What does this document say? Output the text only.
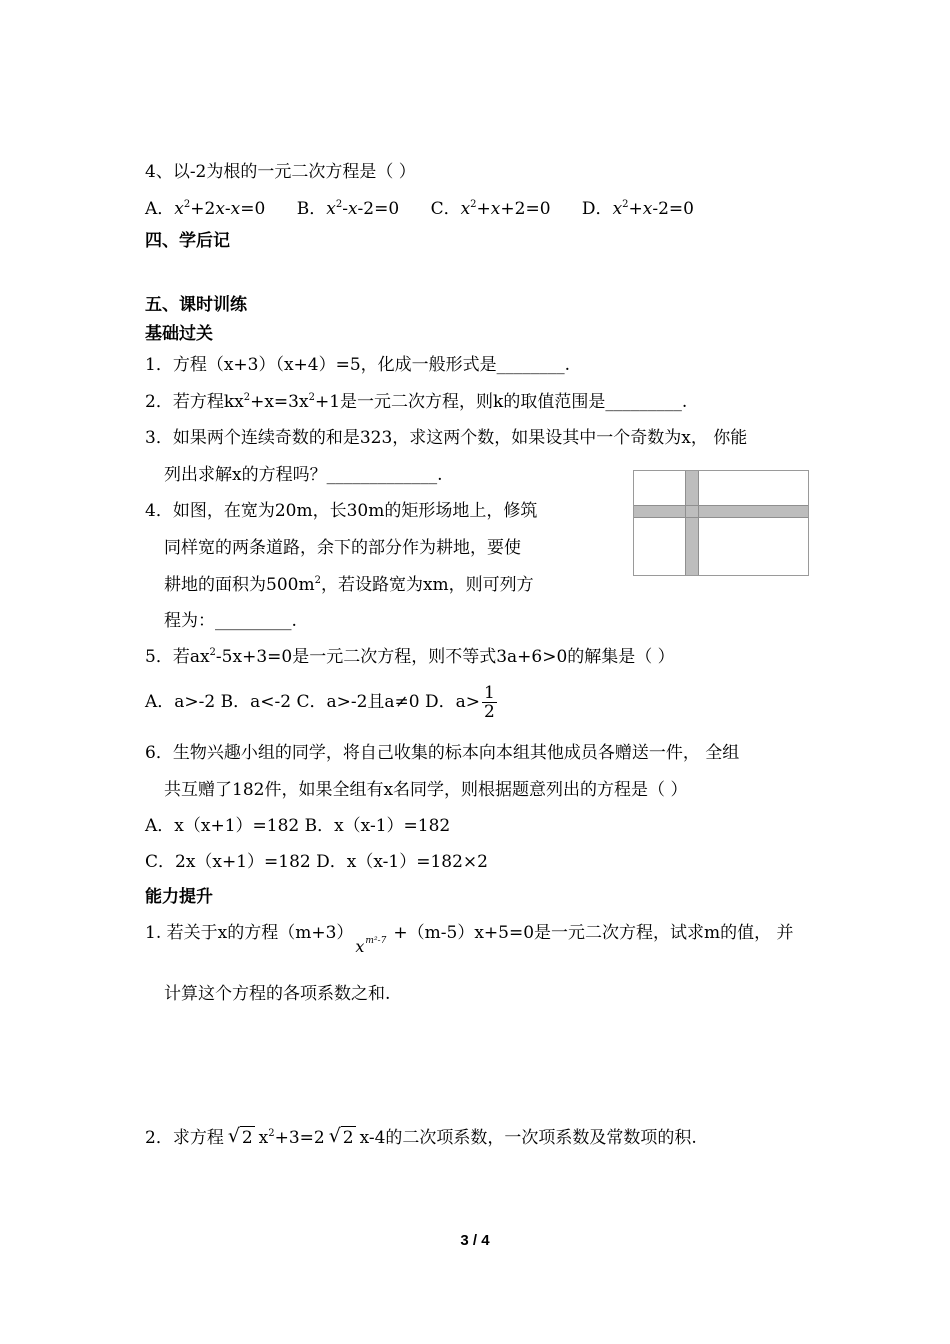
4、以-2为根的一元二次方程是（ ）
A．$x^2+2x-x=0$ B．$x^2-x-2=0$ C．$x^2+x+2=0$ D．$x^2+x-2=0$
四、学后记
五、课时训练
基础过关
1．方程（x+3）（x+4）=5，化成一般形式是________.
2．若方程$kx^2+x=3x^2+1$是一元二次方程，则k的取值范围是_________.
3．如果两个连续奇数的和是323，求这两个数，如果设其中一个奇数为x， 你能
列出求解x的方程吗？_____________.
4．如图，在宽为20m，长30m的矩形场地上，修筑
同样宽的两条道路，余下的部分作为耕地，要使
耕地的面积为$500m^2$，若设路宽为xm，则可列方
程为：_________.
5．若$ax^2-5x+3=0$是一元二次方程，则不等式3a+6>0的解集是（ ）
A．a>-2 B．a<-2 C．a>-2且a≠0 D．$a> \frac{1}{2}$
6．生物兴趣小组的同学，将自己收集的标本向本组其他成员各赠送一件， 全组
共互赠了182件，如果全组有x名同学，则根据题意列出的方程是（ ）
A．x（x+1）=182 B．x（x-1）=182
C．2x（x+1）=182 D．x（x-1）=182×2
能力提升
1. 若关于x的方程（m+3）
x m²-7 +（m-5）x+5=0是一元二次方程，试求m的值， 并
计算这个方程的各项系数之和.
2．求方程√ 2 $x^2+3=2√$ 2 x-4的二次项系数，一次项系数及常数项的积.
3 / 4
